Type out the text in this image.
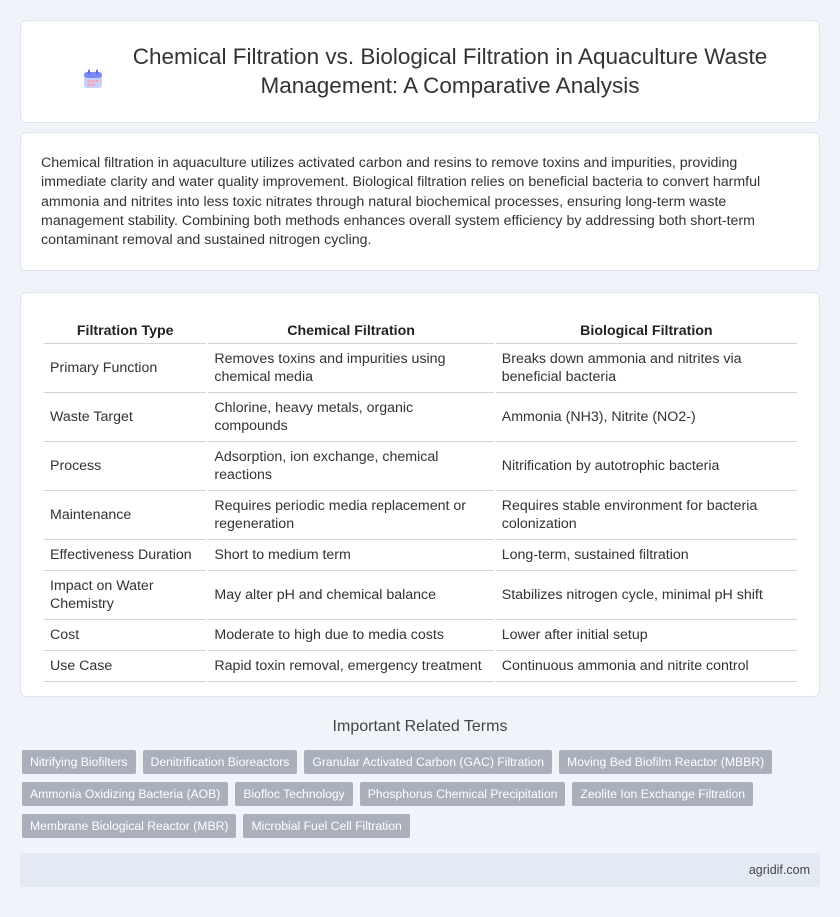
Chemical Filtration vs. Biological Filtration in Aquaculture Waste Management: A Comparative Analysis

Chemical filtration in aquaculture utilizes activated carbon and resins to remove toxins and impurities, providing immediate clarity and water quality improvement. Biological filtration relies on beneficial bacteria to convert harmful ammonia and nitrites into less toxic nitrates through natural biochemical processes, ensuring long-term waste management stability. Combining both methods enhances overall system efficiency by addressing both short-term contaminant removal and sustained nitrogen cycling.

Filtration Type	Chemical Filtration	Biological Filtration
Primary Function	Removes toxins and impurities using chemical media	Breaks down ammonia and nitrites via beneficial bacteria
Waste Target	Chlorine, heavy metals, organic compounds	Ammonia (NH3), Nitrite (NO2-)
Process	Adsorption, ion exchange, chemical reactions	Nitrification by autotrophic bacteria
Maintenance	Requires periodic media replacement or regeneration	Requires stable environment for bacteria colonization
Effectiveness Duration	Short to medium term	Long-term, sustained filtration
Impact on Water Chemistry	May alter pH and chemical balance	Stabilizes nitrogen cycle, minimal pH shift
Cost	Moderate to high due to media costs	Lower after initial setup
Use Case	Rapid toxin removal, emergency treatment	Continuous ammonia and nitrite control
Important Related Terms
Nitrifying Biofilters	Denitrification Bioreactors	Granular Activated Carbon (GAC) Filtration	Moving Bed Biofilm Reactor (MBBR)
Ammonia Oxidizing Bacteria (AOB)	Biofloc Technology	Phosphorus Chemical Precipitation	Zeolite Ion Exchange Filtration
Membrane Biological Reactor (MBR)	Microbial Fuel Cell Filtration
agridif.com
